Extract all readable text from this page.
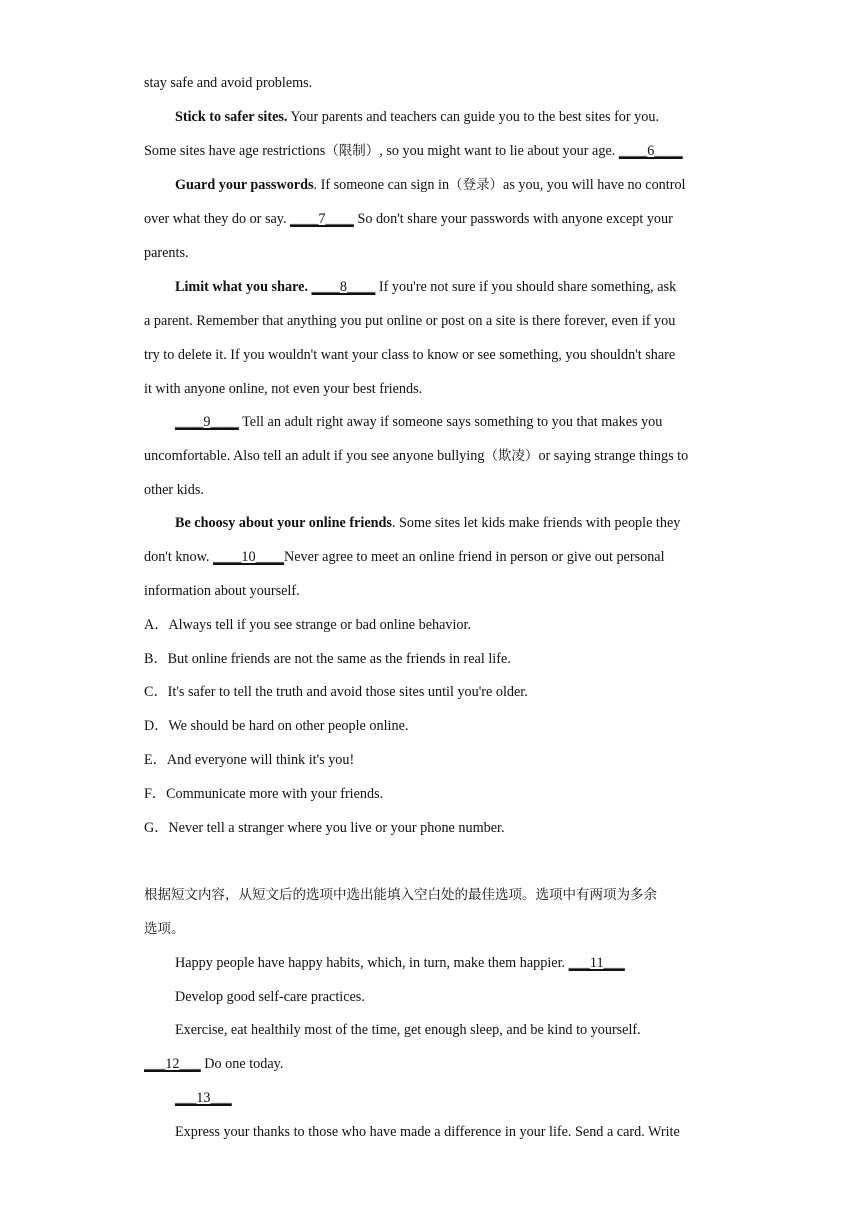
stay safe and avoid problems.
Stick to safer sites. Your parents and teachers can guide you to the best sites for you.
Some sites have age restrictions（限制）, so you might want to lie about your age. ____6____
Guard your passwords. If someone can sign in（登录）as you, you will have no control
over what they do or say. ____7____ So don't share your passwords with anyone except your
parents.
Limit what you share. ____8____ If you're not sure if you should share something, ask
a parent. Remember that anything you put online or post on a site is there forever, even if you
try to delete it. If you wouldn't want your class to know or see something, you shouldn't share
it with anyone online, not even your best friends.
____9____ Tell an adult right away if someone says something to you that makes you
uncomfortable. Also tell an adult if you see anyone bullying（欺凌）or saying strange things to
other kids.
Be choosy about your online friends. Some sites let kids make friends with people they
don't know. ____10____Never agree to meet an online friend in person or give out personal
information about yourself.
A．Always tell if you see strange or bad online behavior.
B．But online friends are not the same as the friends in real life.
C．It's safer to tell the truth and avoid those sites until you're older.
D．We should be hard on other people online.
E．And everyone will think it's you!
F．Communicate more with your friends.
G．Never tell a stranger where you live or your phone number.
根据短文内容，从短文后的选项中选出能填入空白处的最佳选项。选项中有两项为多余
选项。
Happy people have happy habits, which, in turn, make them happier. ___11___
Develop good self-care practices.
Exercise, eat healthily most of the time, get enough sleep, and be kind to yourself.
___12___ Do one today.
___13___
Express your thanks to those who have made a difference in your life. Send a card. Write
